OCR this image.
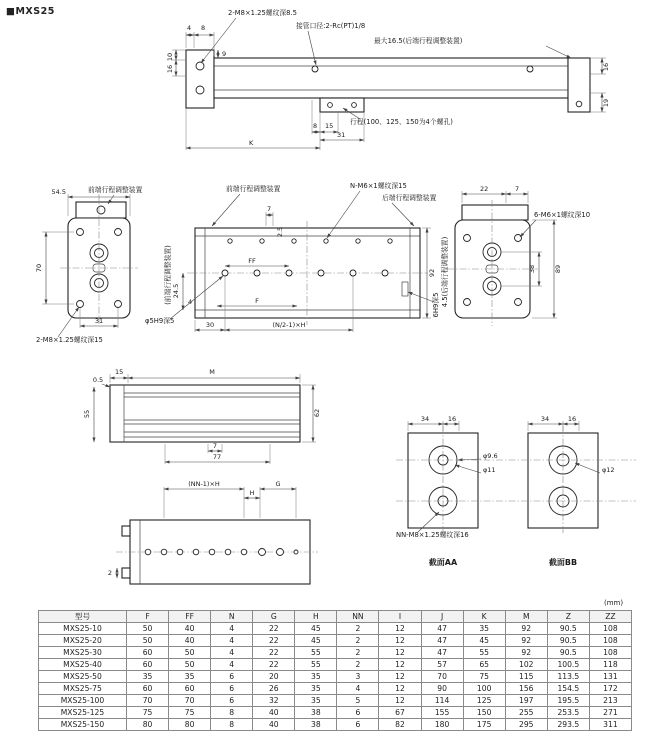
■MXS25
4 8
9
10
16	16
19
8 15
31
K
2-M8×1.25螺纹深8.5
接管口径:2-Rc(PT)1/8
最大16.5(后端行程调整装置)
行程(100、125、150为4个螺孔)
54.5	前端行程调整装置
70
31
2-M8×1.25螺纹深15
7
2.5
24.5
4
FF
F
30	(N/2-1)×H
92
φ5H9深5
6H9深5
前端行程调整装置
(前端行程调整装置)
N-M6×1螺纹深15
后端行程调整装置
22	7
6-M6×1螺纹深10
38	89
4.5(后端行程调整装置)
15	M
0.5
55	62
7
77
(NN-1)×H	G
H
2
34	16	34	16
φ9.6
φ11	φ12
NN-M8×1.25螺纹深16
截面AA	截面BB
(mm)
型号	F	FF	N	G	H	NN	I	J	K	M	Z	ZZ
MXS25-10	50	40	4	22	45	2	12	47	35	92	90.5	108
MXS25-20	50	40	4	22	45	2	12	47	45	92	90.5	108
MXS25-30	60	50	4	22	55	2	12	47	55	92	90.5	108
MXS25-40	60	50	4	22	55	2	12	57	65	102	100.5	118
MXS25-50	35	35	6	20	35	3	12	70	75	115	113.5	131
MXS25-75	60	60	6	26	35	4	12	90	100	156	154.5	172
MXS25-100	70	70	6	32	35	5	12	114	125	197	195.5	213
MXS25-125	75	75	8	40	38	6	67	155	150	255	253.5	271
MXS25-150	80	80	8	40	38	6	82	180	175	295	293.5	311
